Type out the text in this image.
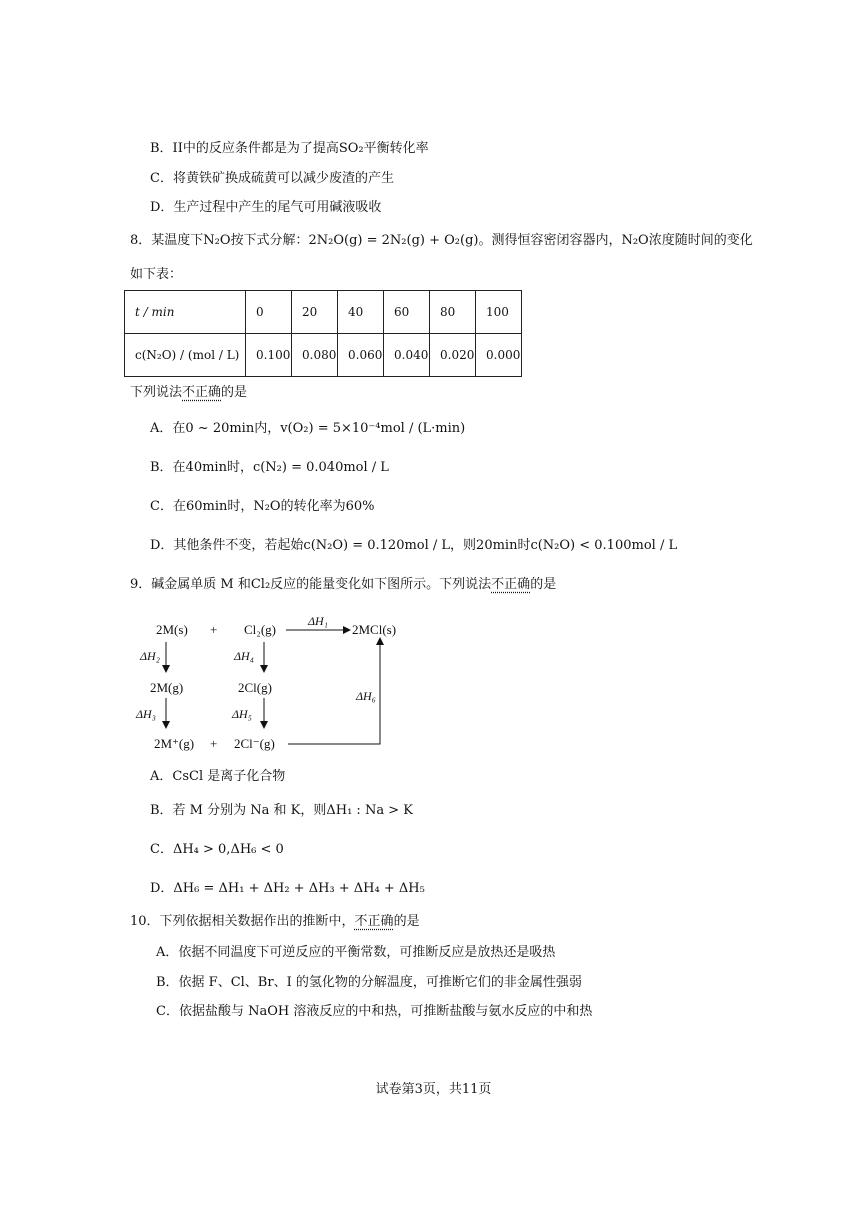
B．II中的反应条件都是为了提高SO₂平衡转化率
C．将黄铁矿换成硫黄可以减少废渣的产生
D．生产过程中产生的尾气可用碱液吸收
8．某温度下N₂O按下式分解：2N₂O(g) = 2N₂(g) + O₂(g)。测得恒容密闭容器内，N₂O浓度随时间的变化
如下表：
t / min	0	20	40	60	80	100
c(N₂O) / (mol / L)	0.100	0.080	0.060	0.040	0.020	0.000
下列说法不正确的是
A．在0 ~ 20min内，v(O₂) = 5×10⁻⁴mol / (L·min)
B．在40min时，c(N₂) = 0.040mol / L
C．在60min时，N₂O的转化率为60%
D．其他条件不变，若起始c(N₂O) = 0.120mol / L，则20min时c(N₂O) < 0.100mol / L
9．碱金属单质 M 和Cl₂反应的能量变化如下图所示。下列说法不正确的是
2M(s) + Cl₂(g)
ΔH₁
2MCl(s)
ΔH₂	ΔH₄
2M(g)	2Cl(g)
ΔH₃	ΔH₅
2M⁺(g) + 2Cl⁻(g)
ΔH₆
A．CsCl 是离子化合物
B．若 M 分别为 Na 和 K，则ΔH₁ : Na > K
C．ΔH₄ > 0,ΔH₆ < 0
D．ΔH₆ = ΔH₁ + ΔH₂ + ΔH₃ + ΔH₄ + ΔH₅
10．下列依据相关数据作出的推断中，不正确的是
A．依据不同温度下可逆反应的平衡常数，可推断反应是放热还是吸热
B．依据 F、Cl、Br、I 的氢化物的分解温度，可推断它们的非金属性强弱
C．依据盐酸与 NaOH 溶液反应的中和热，可推断盐酸与氨水反应的中和热
试卷第3页，共11页
